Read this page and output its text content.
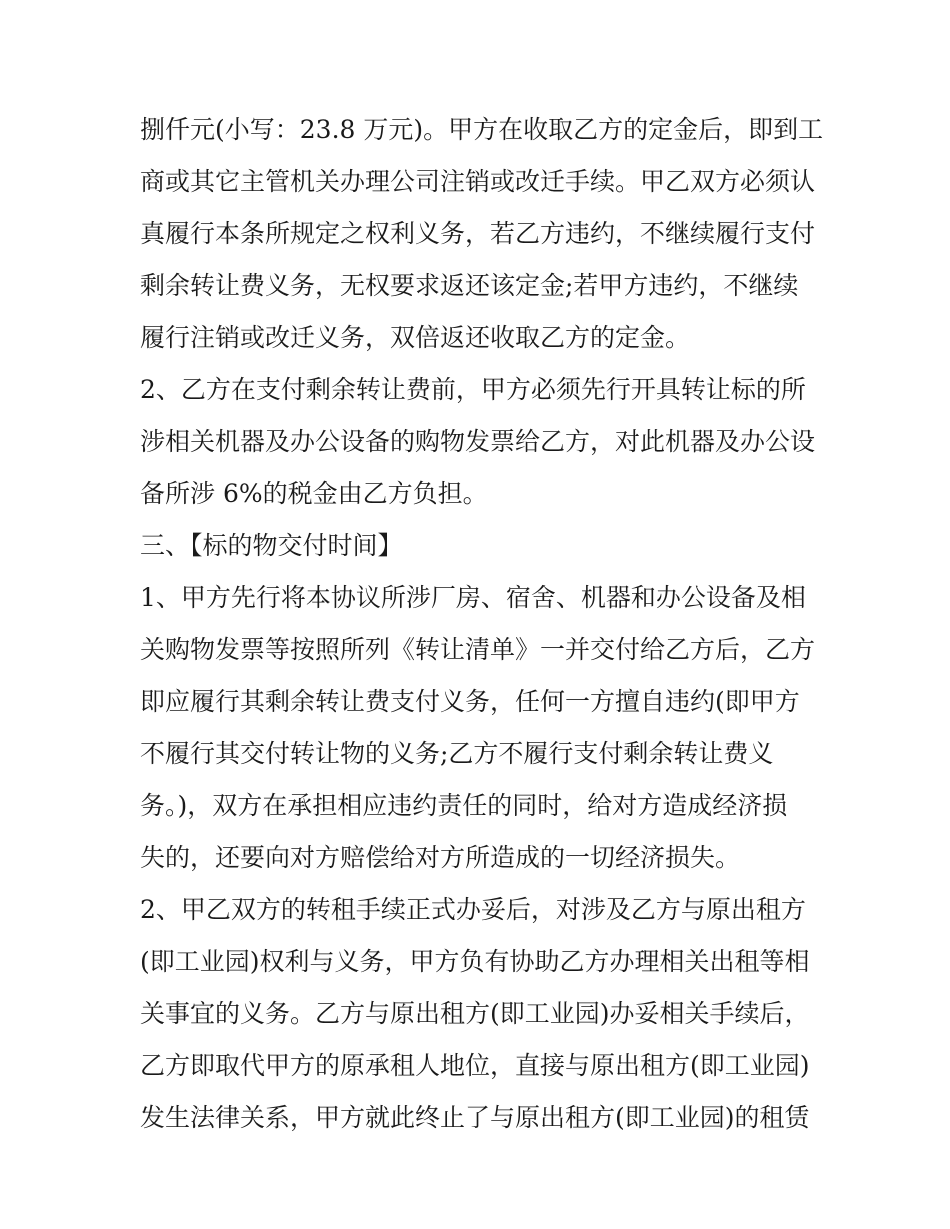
捌仟元(小写：23.8 万元)。甲方在收取乙方的定金后，即到工
商或其它主管机关办理公司注销或改迁手续。甲乙双方必须认
真履行本条所规定之权利义务，若乙方违约，不继续履行支付
剩余转让费义务，无权要求返还该定金;若甲方违约，不继续
履行注销或改迁义务，双倍返还收取乙方的定金。
2、乙方在支付剩余转让费前，甲方必须先行开具转让标的所
涉相关机器及办公设备的购物发票给乙方，对此机器及办公设
备所涉 6%的税金由乙方负担。
三、【标的物交付时间】
1、甲方先行将本协议所涉厂房、宿舍、机器和办公设备及相
关购物发票等按照所列《转让清单》一并交付给乙方后，乙方
即应履行其剩余转让费支付义务，任何一方擅自违约(即甲方
不履行其交付转让物的义务;乙方不履行支付剩余转让费义
务。)，双方在承担相应违约责任的同时，给对方造成经济损
失的，还要向对方赔偿给对方所造成的一切经济损失。
2、甲乙双方的转租手续正式办妥后，对涉及乙方与原出租方
(即工业园)权利与义务，甲方负有协助乙方办理相关出租等相
关事宜的义务。乙方与原出租方(即工业园)办妥相关手续后，
乙方即取代甲方的原承租人地位，直接与原出租方(即工业园)
发生法律关系，甲方就此终止了与原出租方(即工业园)的租赁
